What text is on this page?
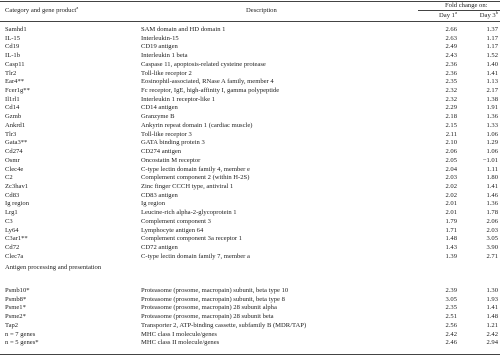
Category and gene product$^a$	Description
Fold change on:
Day 1$^a$	Day 3$^b$
Samhd1	SAM domain and HD domain 1	2.66	1.37
IL-15	Interleukin-15	2.63	1.17
Cd19	CD19 antigen	2.49	1.17
IL-1b	Interleukin 1 beta	2.43	1.52
Casp11	Caspase 11, apoptosis-related cysteine protease	2.36	1.40
Tlr2	Toll-like receptor 2	2.36	1.41
Ear4**	Eosinophil-associated, RNase A family, member 4	2.35	1.13
Fcer1g**	Fc receptor, IgE, high-affinity I, gamma polypeptide	2.32	2.17
Il1rl1	Interleukin 1 receptor-like 1	2.32	1.38
Cd14	CD14 antigen	2.29	1.91
Gzmb	Granzyme B	2.18	1.36
Ankrd1	Ankyrin repeat domain 1 (cardiac muscle)	2.15	1.33
Tlr3	Toll-like receptor 3	2.11	1.06
Gata3**	GATA binding protein 3	2.10	1.29
Cd274	CD274 antigen	2.06	1.06
Osmr	Oncostatin M receptor	2.05	−1.01
Clec4e	C-type lectin domain family 4, member e	2.04	1.11
C2	Complement component 2 (within H-2S)	2.03	1.80
Zc3hav1	Zinc finger CCCH type, antiviral 1	2.02	1.41
Cd83	CD83 antigen	2.02	1.46
Ig region	Ig region	2.01	1.36
Lrg1	Leucine-rich alpha-2-glycoprotein 1	2.01	1.78
C3	Complement component 3	1.79	2.06
Ly64	Lymphocyte antigen 64	1.71	2.03
C3ar1**	Complement component 3a receptor 1	1.48	3.05
Cd72	CD72 antigen	1.43	3.90
Clec7a	C-type lectin domain family 7, member a	1.39	2.71
Antigen processing and presentation
Psmb10*	Proteasome (prosome, macropain) subunit, beta type 10	2.39	1.30
Psmb8*	Proteasome (prosome, macropain) subunit, beta type 8	3.05	1.93
Psme1*	Proteasome (prosome, macropain) 28 subunit alpha	2.35	1.41
Psme2*	Proteasome (prosome, macropain) 28 subunit beta	2.51	1.48
Tap2	Transporter 2, ATP-binding cassette, subfamily B (MDR/TAP)	2.56	1.21
n = 7 genes	MHC class I molecule/genes	2.42	2.42
n = 5 genes*	MHC class II molecule/genes	2.46	2.94
